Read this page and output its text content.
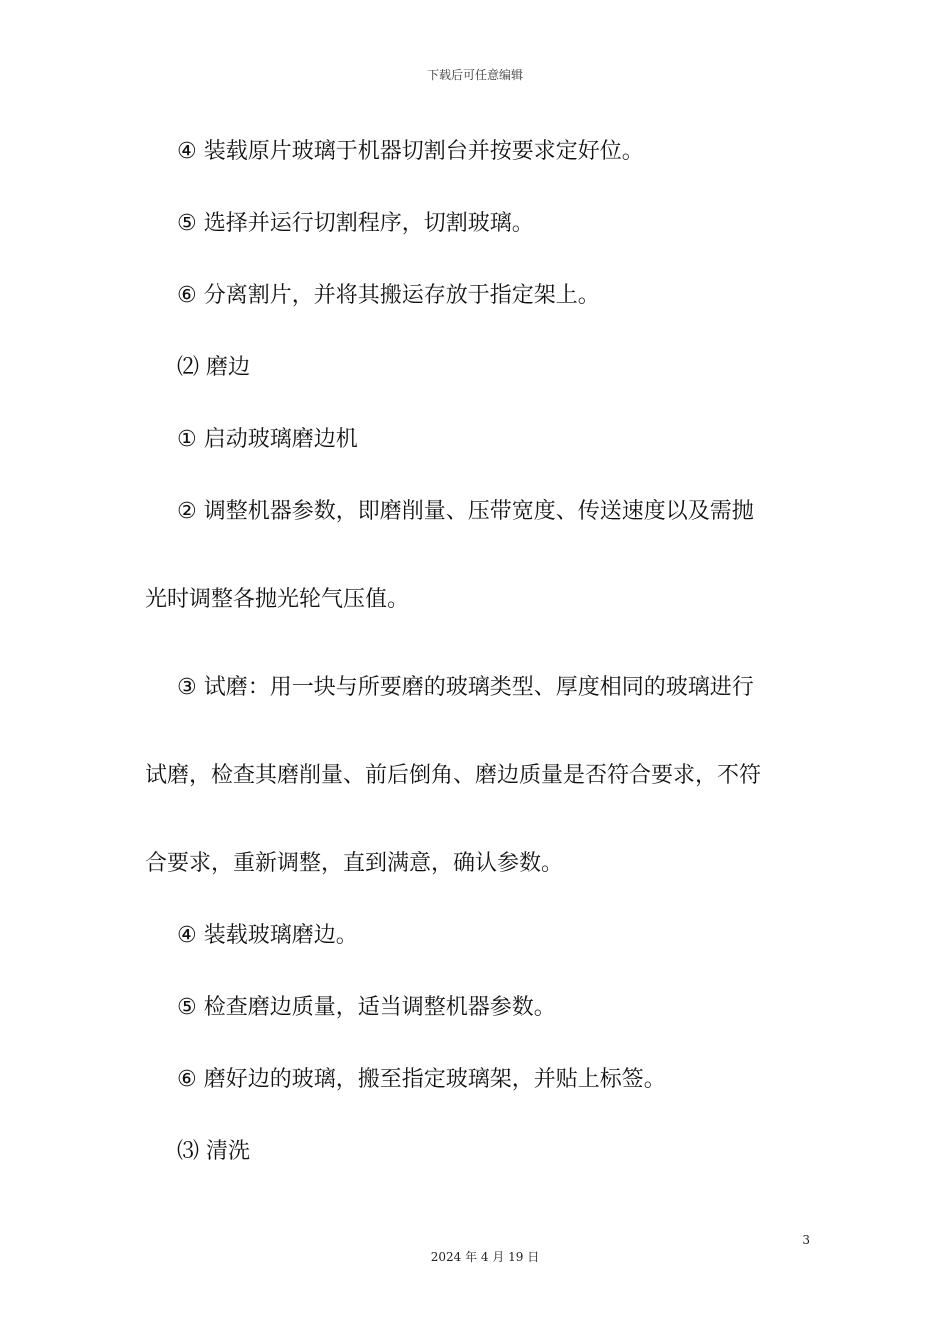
下载后可任意编辑

④ 装载原片玻璃于机器切割台并按要求定好位。

⑤ 选择并运行切割程序，切割玻璃。

⑥ 分离割片，并将其搬运存放于指定架上。

⑵ 磨边

① 启动玻璃磨边机

② 调整机器参数，即磨削量、压带宽度、传送速度以及需抛

光时调整各抛光轮气压值。

③ 试磨：用一块与所要磨的玻璃类型、厚度相同的玻璃进行

试磨，检查其磨削量、前后倒角、磨边质量是否符合要求，不符

合要求，重新调整，直到满意，确认参数。

④ 装载玻璃磨边。

⑤ 检查磨边质量，适当调整机器参数。

⑥ 磨好边的玻璃，搬至指定玻璃架，并贴上标签。

⑶ 清洗

3
2024 年 4 月 19 日
